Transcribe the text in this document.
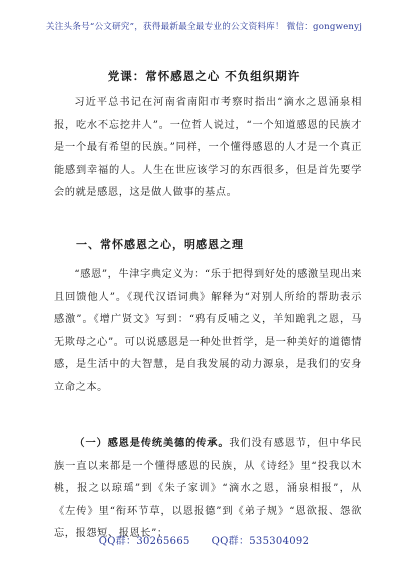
关注头条号“公文研究”，获得最新最全最专业的公文资料库！ 微信：gongwenyj
党课：常怀感恩之心 不负组织期许
习近平总书记在河南省南阳市考察时指出“滴水之恩涌泉相报，吃水不忘挖井人”。一位哲人说过，“一个知道感恩的民族才是一个最有希望的民族。”同样，一个懂得感恩的人才是一个真正能感到幸福的人。人生在世应该学习的东西很多，但是首先要学会的就是感恩，这是做人做事的基点。
一、常怀感恩之心，明感恩之理
“感恩”，牛津字典定义为：“乐于把得到好处的感激呈现出来且回馈他人”。《现代汉语词典》解释为“对别人所给的帮助表示感激”。《增广贤文》写到：“鸦有反哺之义，羊知跪乳之恩，马无欺母之心”。可以说感恩是一种处世哲学，是一种美好的道德情感，是生活中的大智慧，是自我发展的动力源泉，是我们的安身立命之本。
（一）感恩是传统美德的传承。我们没有感恩节，但中华民族一直以来都是一个懂得感恩的民族，从《诗经》里“投我以木桃，报之以琼瑶”到《朱子家训》“滴水之恩，涌泉相报”，从《左传》里“衔环节草，以恩报德”到《弟子规》“恩欲报、怨欲忘，报怨短、报恩长”；
QQ群：30265665 QQ群：535304092
